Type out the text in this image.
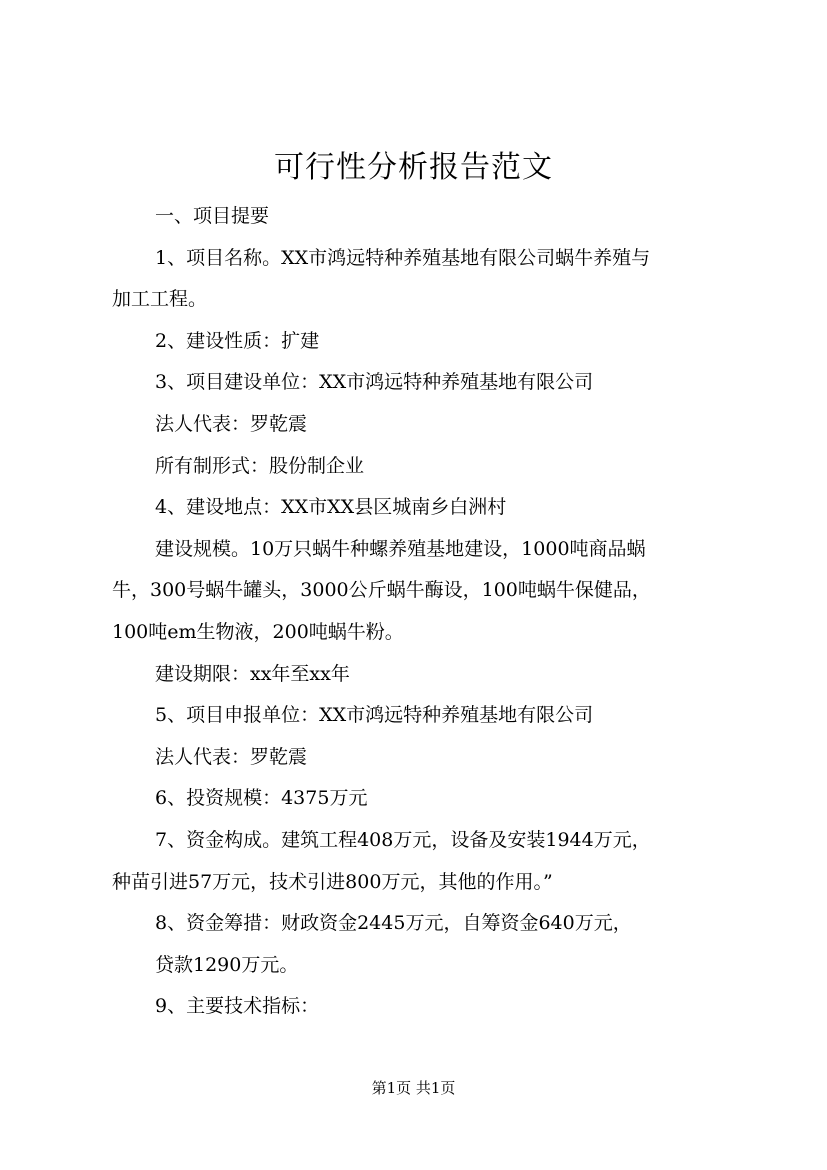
可行性分析报告范文
一、项目提要
1、项目名称。XX市鸿远特种养殖基地有限公司蜗牛养殖与
加工工程。
2、建设性质：扩建
3、项目建设单位：XX市鸿远特种养殖基地有限公司
法人代表：罗乾震
所有制形式：股份制企业
4、建设地点：XX市XX县区城南乡白洲村
建设规模。10万只蜗牛种螺养殖基地建设，1000吨商品蜗
牛，300号蜗牛罐头，3000公斤蜗牛酶设，100吨蜗牛保健品，
100吨em生物液，200吨蜗牛粉。
建设期限：xx年至xx年
5、项目申报单位：XX市鸿远特种养殖基地有限公司
法人代表：罗乾震
6、投资规模：4375万元
7、资金构成。建筑工程408万元，设备及安装1944万元，
种苗引进57万元，技术引进800万元，其他的作用。”
8、资金筹措：财政资金2445万元，自筹资金640万元，
贷款1290万元。
9、主要技术指标：
第1页 共1页
